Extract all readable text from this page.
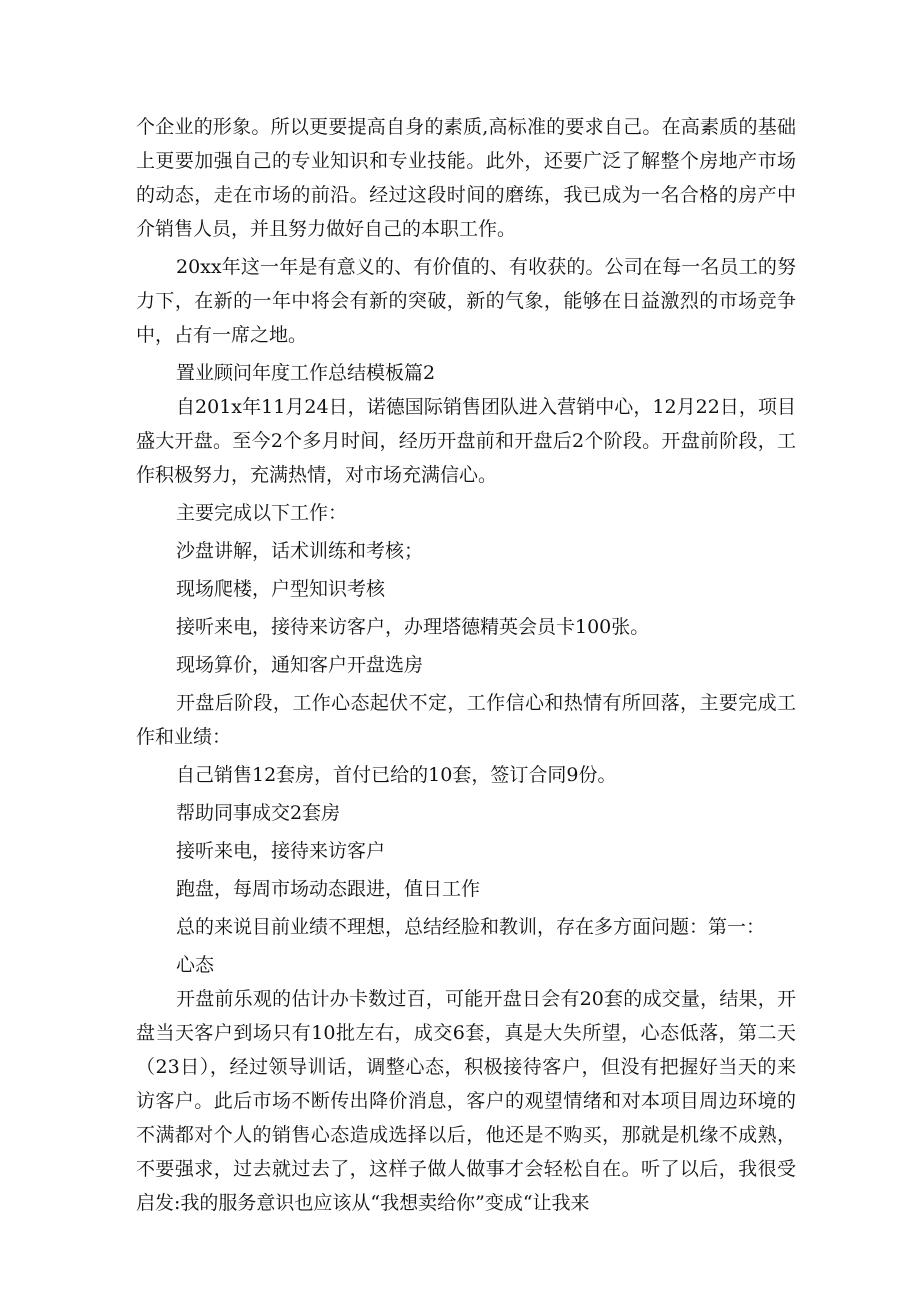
个企业的形象。所以更要提高自身的素质,高标准的要求自己。在高素质的基础上更要加强自己的专业知识和专业技能。此外，还要广泛了解整个房地产市场的动态，走在市场的前沿。经过这段时间的磨练，我已成为一名合格的房产中介销售人员，并且努力做好自己的本职工作。

20xx年这一年是有意义的、有价值的、有收获的。公司在每一名员工的努力下，在新的一年中将会有新的突破，新的气象，能够在日益激烈的市场竞争中，占有一席之地。

置业顾问年度工作总结模板篇2

自201x年11月24日，诺德国际销售团队进入营销中心，12月22日，项目盛大开盘。至今2个多月时间，经历开盘前和开盘后2个阶段。开盘前阶段，工作积极努力，充满热情，对市场充满信心。

主要完成以下工作：
沙盘讲解，话术训练和考核；
现场爬楼，户型知识考核
接听来电，接待来访客户，办理塔德精英会员卡100张。
现场算价，通知客户开盘选房

开盘后阶段，工作心态起伏不定，工作信心和热情有所回落，主要完成工作和业绩：

自己销售12套房，首付已给的10套，签订合同9份。
帮助同事成交2套房
接听来电，接待来访客户
跑盘，每周市场动态跟进，值日工作
总的来说目前业绩不理想，总结经脸和教训，存在多方面问题：第一：
心态

开盘前乐观的估计办卡数过百，可能开盘日会有20套的成交量，结果，开盘当天客户到场只有10批左右，成交6套，真是大失所望，心态低落，第二天（23日），经过领导训话，调整心态，积极接待客户，但没有把握好当天的来访客户。此后市场不断传出降价消息，客户的观望情绪和对本项目周边环境的不满都对个人的销售心态造成选择以后，他还是不购买，那就是机缘不成熟，不要强求，过去就过去了，这样子做人做事才会轻松自在。听了以后，我很受启发:我的服务意识也应该从“我想卖给你”变成“让我来
